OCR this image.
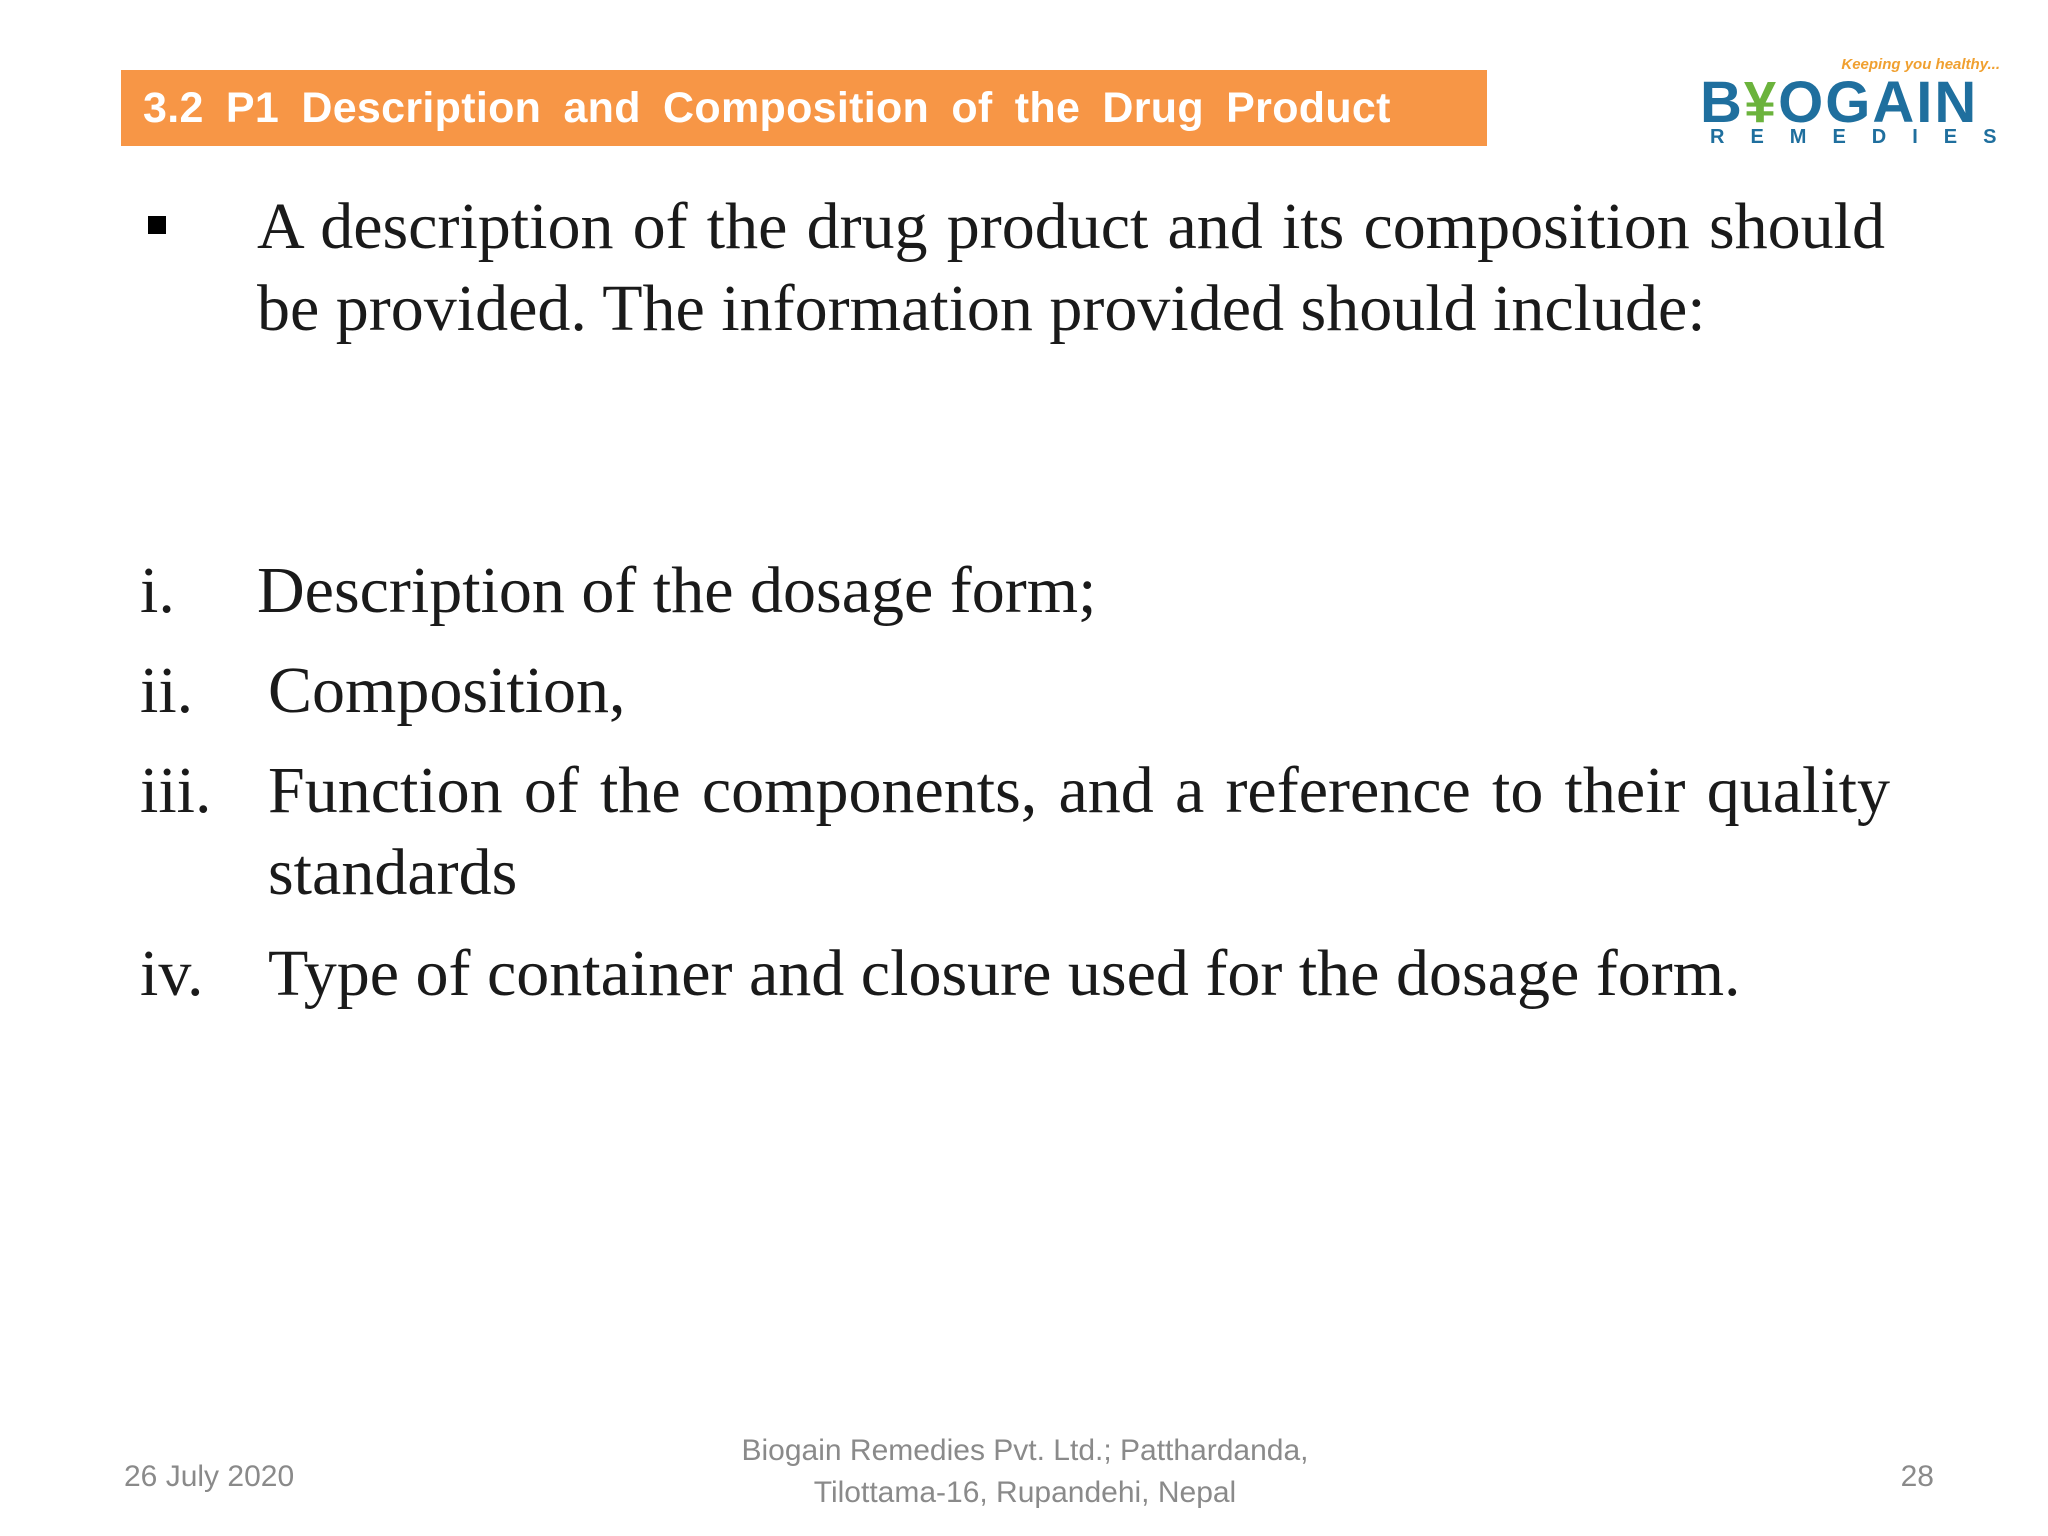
3.2 P1 Description and Composition of the Drug Product
Keeping you healthy...
B¥OGAIN
REMEDIES
A description of the drug product and its composition should be provided. The information provided should include:
i. Description of the dosage form;
ii. Composition,
iii. Function of the components, and a reference to their quality standards
iv. Type of container and closure used for the dosage form.
26 July 2020
Biogain Remedies Pvt. Ltd.; Patthardanda,
Tilottama-16, Rupandehi, Nepal	28
